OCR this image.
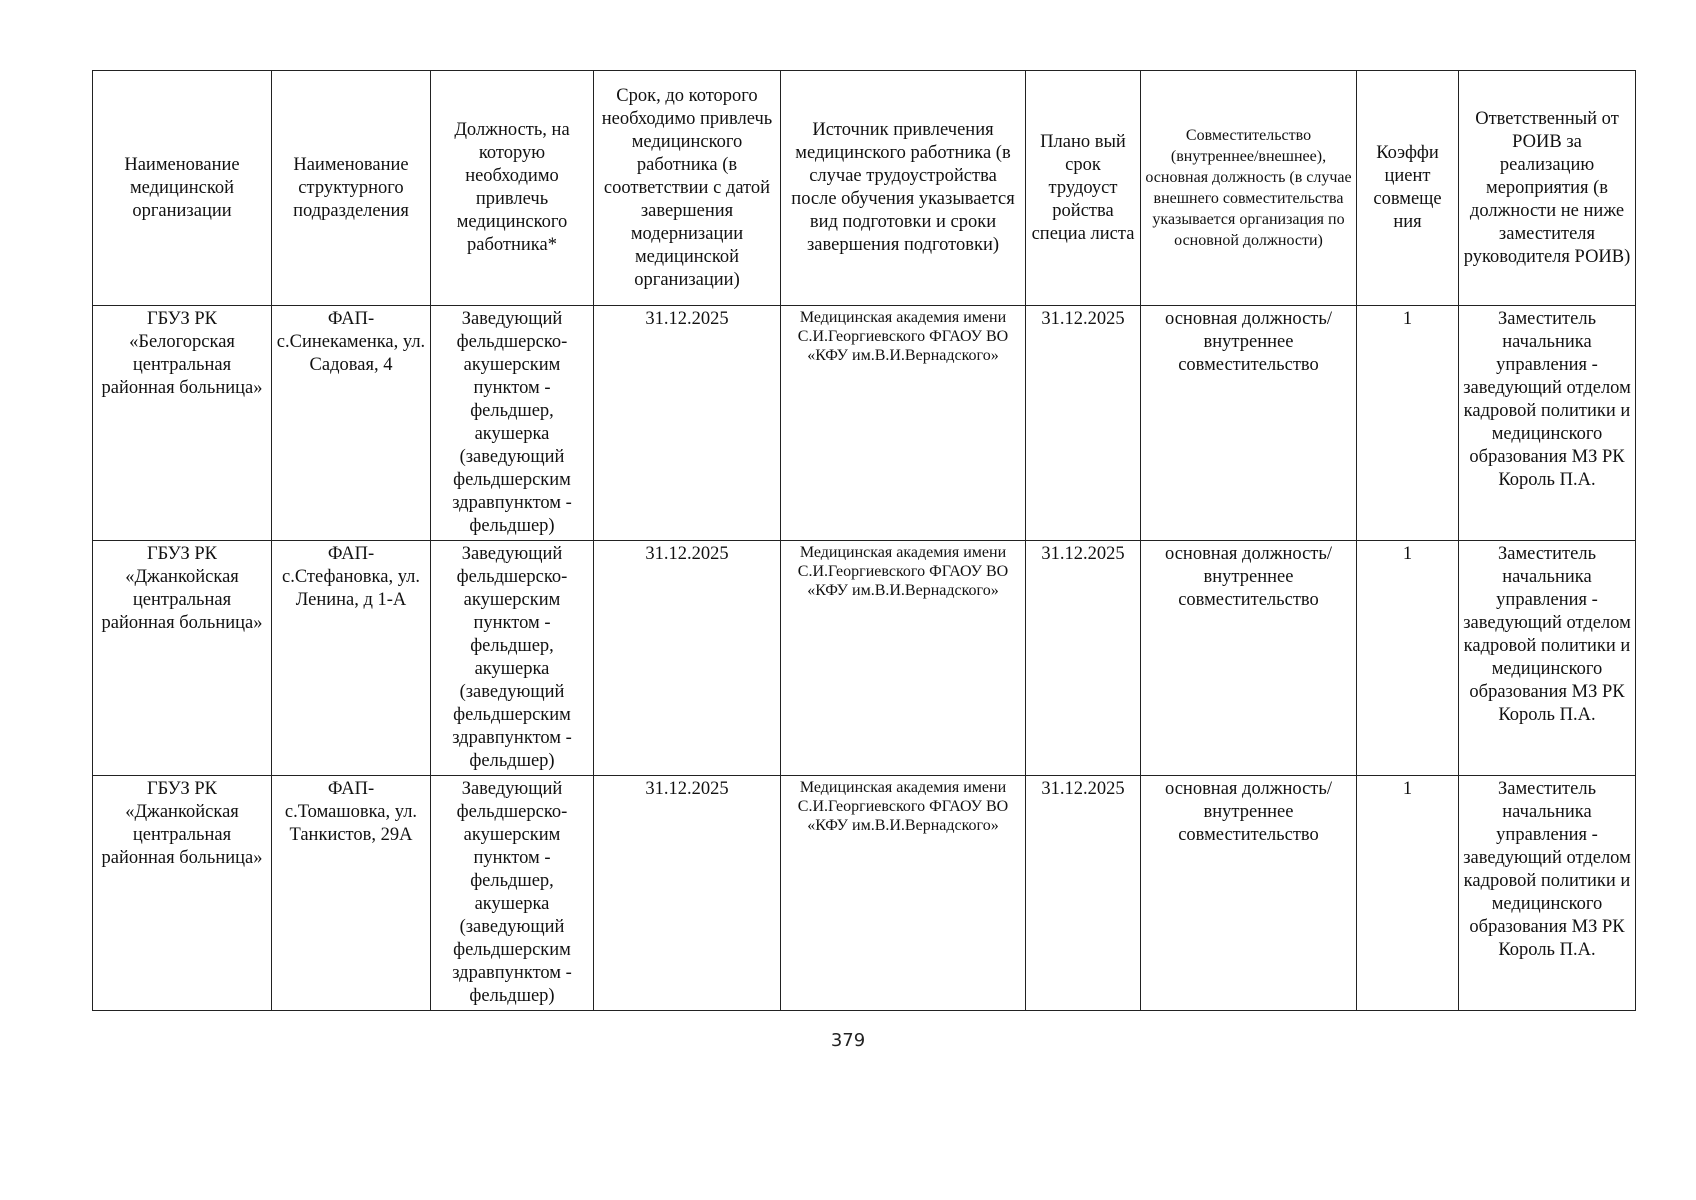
Наименование медицинской организации	Наименование структурного подразделения	Должность, на которую необходимо привлечь медицинского работника*	Срок, до которого необходимо привлечь медицинского работника (в соответствии с датой завершения модернизации медицинской организации)	Источник привлечения медицинского работника (в случае трудоустройства после обучения указывается вид подготовки и сроки завершения подготовки)	Плано вый срок трудоуст ройства специа листа	Совместительство (внутреннее/внешнее), основная должность (в случае внешнего совместительства указывается организация по основной должности)	Коэффи циент совмеще ния	Ответственный от РОИВ за реализацию мероприятия (в должности не ниже заместителя руководителя РОИВ)
ГБУЗ РК «Белогорская центральная районная больница»	ФАП- с.Синекаменка, ул. Садовая, 4	Заведующий фельдшерско-акушерским пунктом - фельдшер, акушерка (заведующий фельдшерским здравпунктом - фельдшер)	31.12.2025	Медицинская академия имени С.И.Георгиевского ФГАОУ ВО «КФУ им.В.И.Вернадского»	31.12.2025	основная должность/ внутреннее совместительство	1	Заместитель начальника управления - заведующий отделом кадровой политики и медицинского образования МЗ РК Король П.А.
ГБУЗ РК «Джанкойская центральная районная больница»	ФАП- с.Стефановка, ул. Ленина, д 1-А	Заведующий фельдшерско-акушерским пунктом - фельдшер, акушерка (заведующий фельдшерским здравпунктом - фельдшер)	31.12.2025	Медицинская академия имени С.И.Георгиевского ФГАОУ ВО «КФУ им.В.И.Вернадского»	31.12.2025	основная должность/ внутреннее совместительство	1	Заместитель начальника управления - заведующий отделом кадровой политики и медицинского образования МЗ РК Король П.А.
ГБУЗ РК «Джанкойская центральная районная больница»	ФАП- с.Томашовка, ул. Танкистов, 29А	Заведующий фельдшерско-акушерским пунктом - фельдшер, акушерка (заведующий фельдшерским здравпунктом - фельдшер)	31.12.2025	Медицинская академия имени С.И.Георгиевского ФГАОУ ВО «КФУ им.В.И.Вернадского»	31.12.2025	основная должность/ внутреннее совместительство	1	Заместитель начальника управления - заведующий отделом кадровой политики и медицинского образования МЗ РК Король П.А.
379
